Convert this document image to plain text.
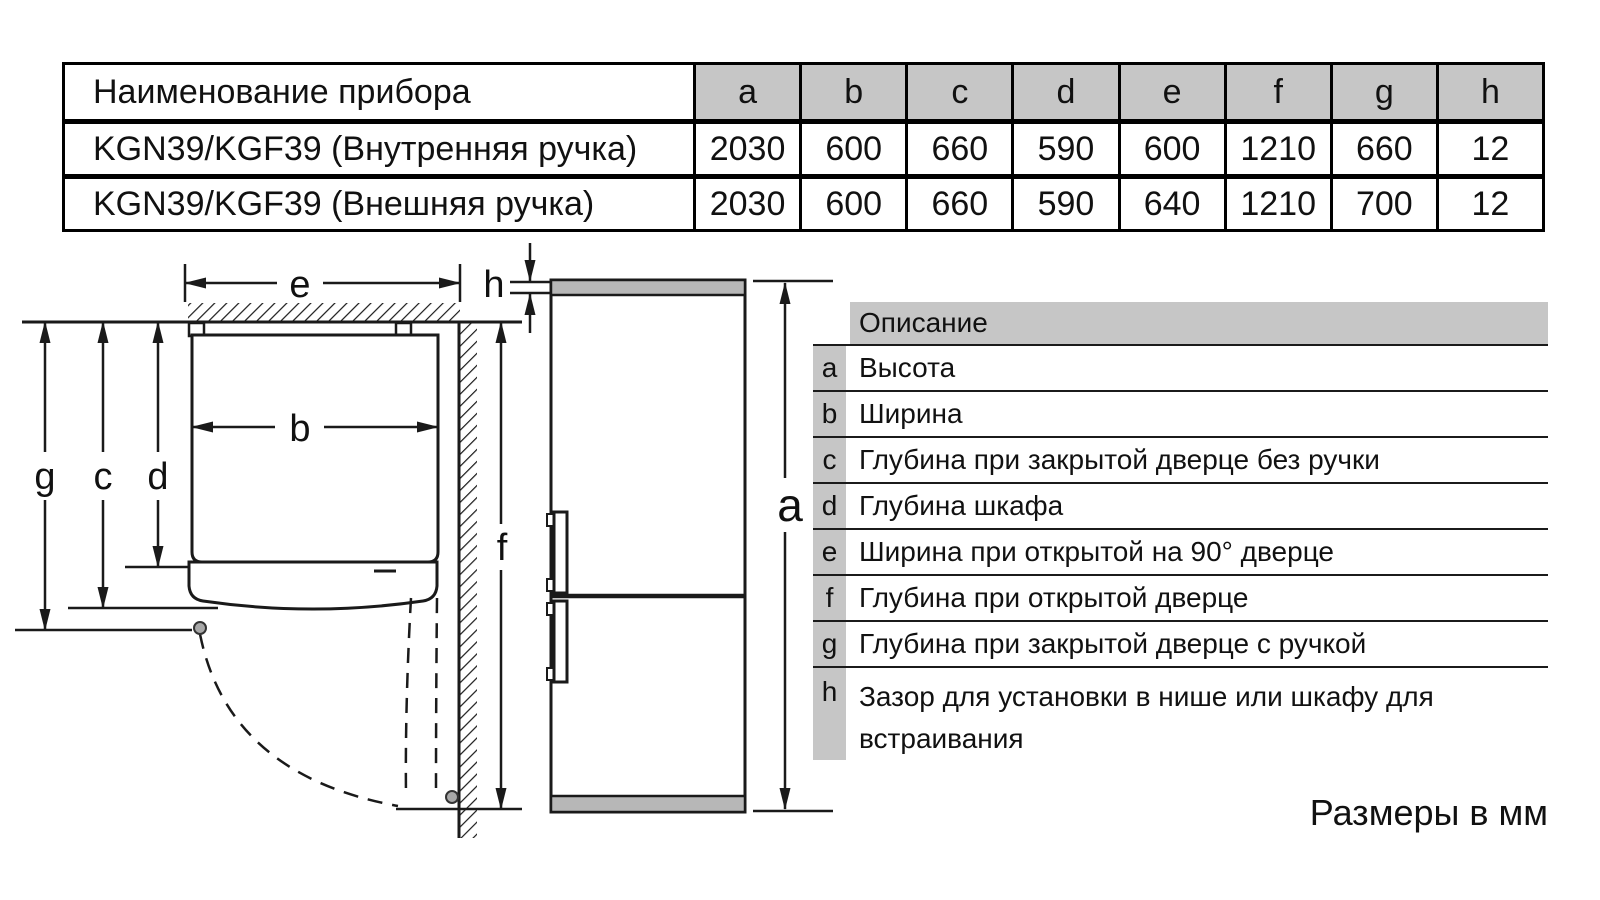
e	h
b
g c d
f
a
Наименование прибора	a	b	c	d	e	f	g	h
KGN39/KGF39 (Внутренняя ручка)	2030	600	660	590	600	1210	660	12
KGN39/KGF39 (Внешняя ручка)	2030	600	660	590	640	1210	700	12
Описание
a Высота
b Ширина
c Глубина при закрытой дверце без ручки
d Глубина шкафа
e Ширина при открытой на 90° дверце
f Глубина при открытой дверце
g Глубина при закрытой дверце с ручкой
h Зазор для установки в нише или шкафу для встраивания
Размеры в мм
